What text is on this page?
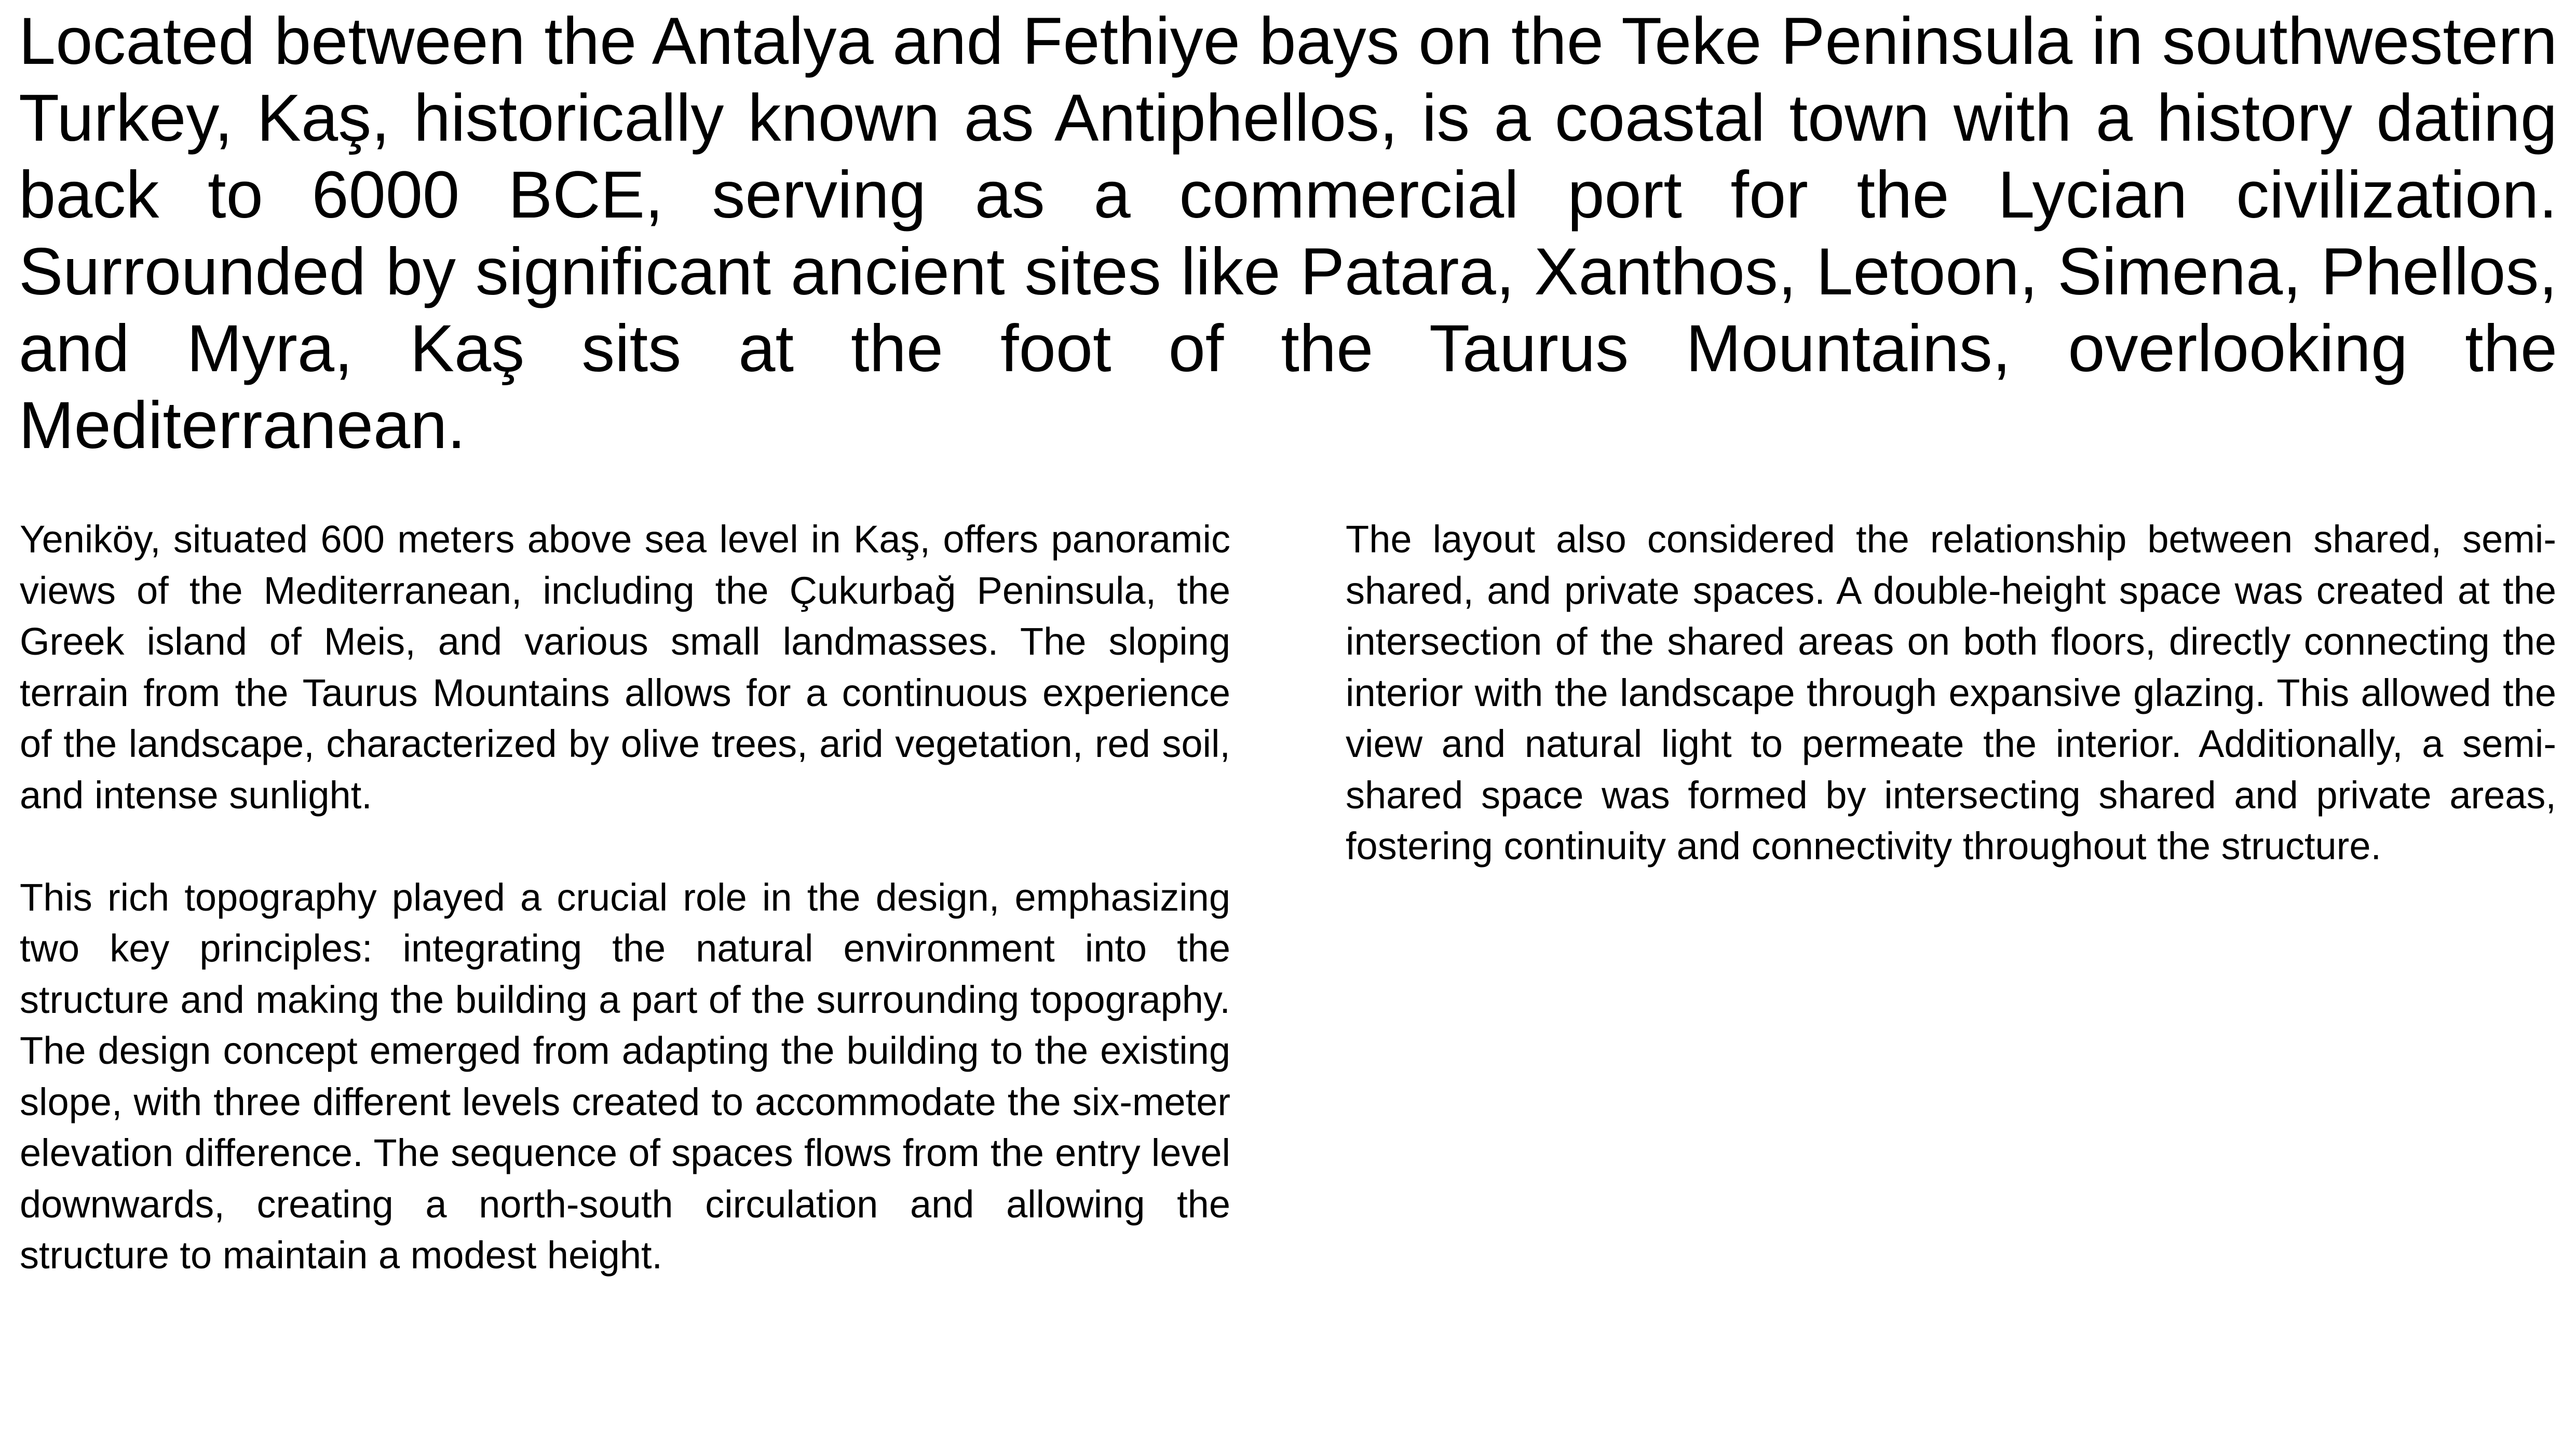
Located between the Antalya and Fethiye bays on the Teke Peninsula in southwestern Turkey, Kaş, historically known as Antiphellos, is a coastal town with a history dating back to 6000 BCE, serving as a commercial port for the Lycian civilization. Surrounded by significant ancient sites like Patara, Xanthos, Letoon, Simena, Phellos, and Myra, Kaş sits at the foot of the Taurus Mountains, overlooking the Mediterranean.

Yeniköy, situated 600 meters above sea level in Kaş, offers panoramic views of the Mediterranean, including the Çukurbağ Peninsula, the Greek island of Meis, and various small landmasses. The sloping terrain from the Taurus Mountains allows for a continuous experience of the landscape, characterized by olive trees, arid vegetation, red soil, and intense sunlight.

This rich topography played a crucial role in the design, emphasizing two key principles: integrating the natural environment into the structure and making the building a part of the surrounding topography. The design concept emerged from adapting the building to the existing slope, with three different levels created to accommodate the six-meter elevation difference. The sequence of spaces flows from the entry level downwards, creating a north-south circulation and allowing the structure to maintain a modest height.

The layout also considered the relationship between shared, semi-shared, and private spaces. A double-height space was created at the intersection of the shared areas on both floors, directly connecting the interior with the landscape through expansive glazing. This allowed the view and natural light to permeate the interior. Additionally, a semi-shared space was formed by intersecting shared and private areas, fostering continuity and connectivity throughout the structure.
